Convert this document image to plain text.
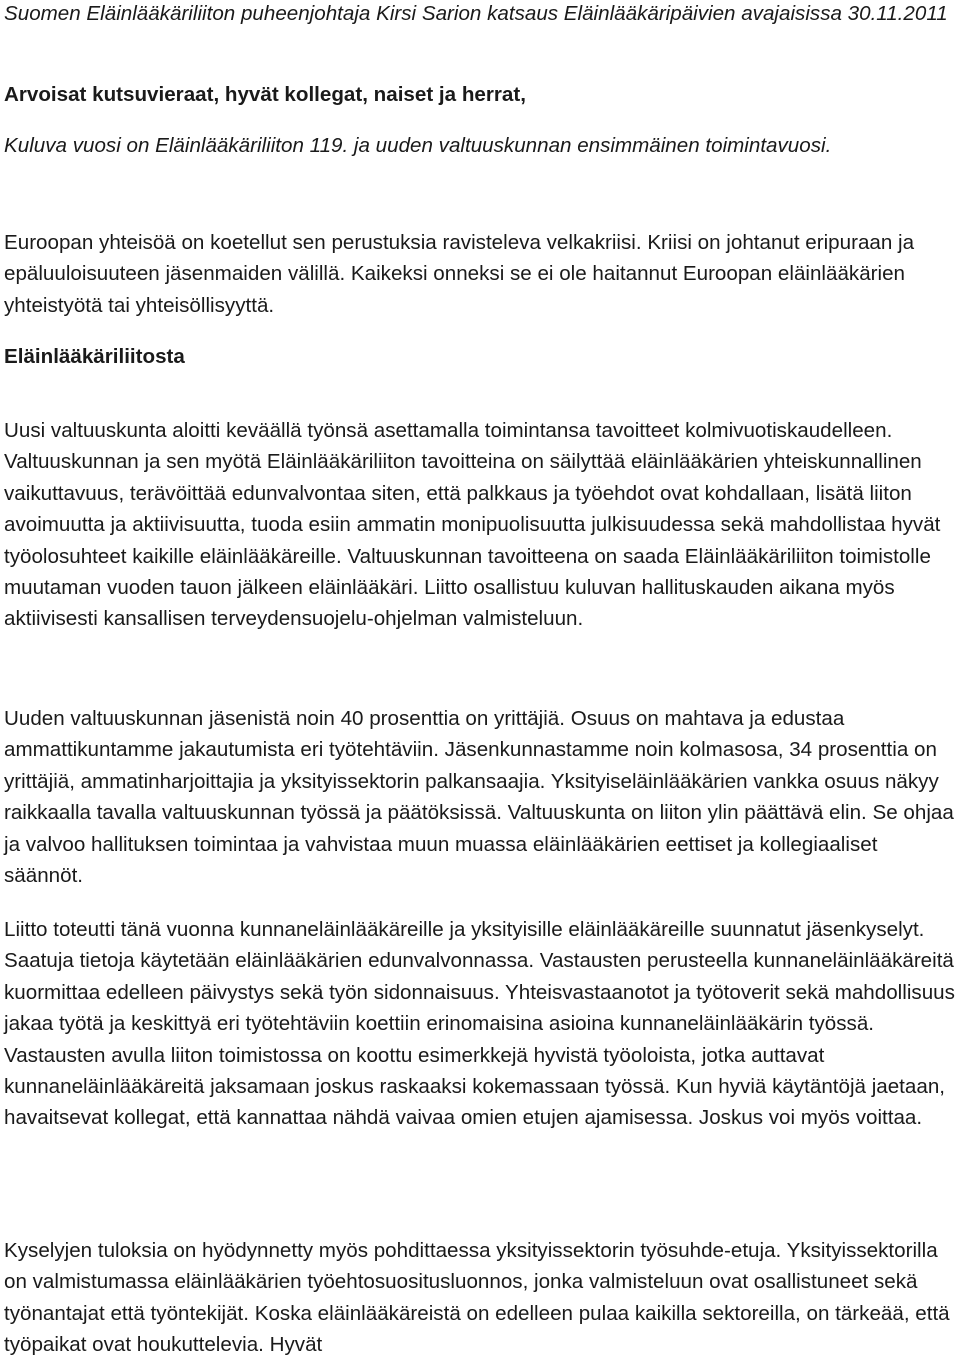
Suomen Eläinlääkäriliiton puheenjohtaja Kirsi Sarion katsaus Eläinlääkäripäivien avajaisissa 30.11.2011

Arvoisat kutsuvieraat, hyvät kollegat, naiset ja herrat,

Kuluva vuosi on Eläinlääkäriliiton 119. ja uuden valtuuskunnan ensimmäinen toimintavuosi.

Euroopan yhteisöä on koetellut sen perustuksia ravisteleva velkakriisi. Kriisi on johtanut eripuraan ja epäluuloisuuteen jäsenmaiden välillä. Kaikeksi onneksi se ei ole haitannut Euroopan eläinlääkärien yhteistyötä tai yhteisöllisyyttä.

Eläinlääkäriliitosta

Uusi valtuuskunta aloitti keväällä työnsä asettamalla toimintansa tavoitteet kolmivuotiskaudelleen. Valtuuskunnan ja sen myötä Eläinlääkäriliiton tavoitteina on säilyttää eläinlääkärien yhteiskunnallinen vaikuttavuus, terävöittää edunvalvontaa siten, että palkkaus ja työehdot ovat kohdallaan, lisätä liiton avoimuutta ja aktiivisuutta, tuoda esiin ammatin monipuolisuutta julkisuudessa sekä mahdollistaa hyvät työolosuhteet kaikille eläinlääkäreille. Valtuuskunnan tavoitteena on saada Eläinlääkäriliiton toimistolle muutaman vuoden tauon jälkeen eläinlääkäri. Liitto osallistuu kuluvan hallituskauden aikana myös aktiivisesti kansallisen terveydensuojelu-ohjelman valmisteluun.

Uuden valtuuskunnan jäsenistä noin 40 prosenttia on yrittäjiä. Osuus on mahtava ja edustaa ammattikuntamme jakautumista eri työtehtäviin. Jäsenkunnastamme noin kolmasosa, 34 prosenttia on yrittäjiä, ammatinharjoittajia ja yksityissektorin palkansaajia. Yksityiseläinlääkärien vankka osuus näkyy raikkaalla tavalla valtuuskunnan työssä ja päätöksissä. Valtuuskunta on liiton ylin päättävä elin. Se ohjaa ja valvoo hallituksen toimintaa ja vahvistaa muun muassa eläinlääkärien eettiset ja kollegiaaliset säännöt.

Liitto toteutti tänä vuonna kunnaneläinlääkäreille ja yksityisille eläinlääkäreille suunnatut jäsenkyselyt. Saatuja tietoja käytetään eläinlääkärien edunvalvonnassa. Vastausten perusteella kunnaneläinlääkäreitä kuormittaa edelleen päivystys sekä työn sidonnaisuus. Yhteisvastaanotot ja työtoverit sekä mahdollisuus jakaa työtä ja keskittyä eri työtehtäviin koettiin erinomaisina asioina kunnaneläinlääkärin työssä. Vastausten avulla liiton toimistossa on koottu esimerkkejä hyvistä työoloista, jotka auttavat kunnaneläinlääkäreitä jaksamaan joskus raskaaksi kokemassaan työssä. Kun hyviä käytäntöjä jaetaan, havaitsevat kollegat, että kannattaa nähdä vaivaa omien etujen ajamisessa. Joskus voi myös voittaa.

Kyselyjen tuloksia on hyödynnetty myös pohdittaessa yksityissektorin työsuhde-etuja. Yksityissektorilla on valmistumassa eläinlääkärien työehtosuositusluonnos, jonka valmisteluun ovat osallistuneet sekä työnantajat että työntekijät. Koska eläinlääkäreistä on edelleen pulaa kaikilla sektoreilla, on tärkeää, että työpaikat ovat houkuttelevia. Hyvät
